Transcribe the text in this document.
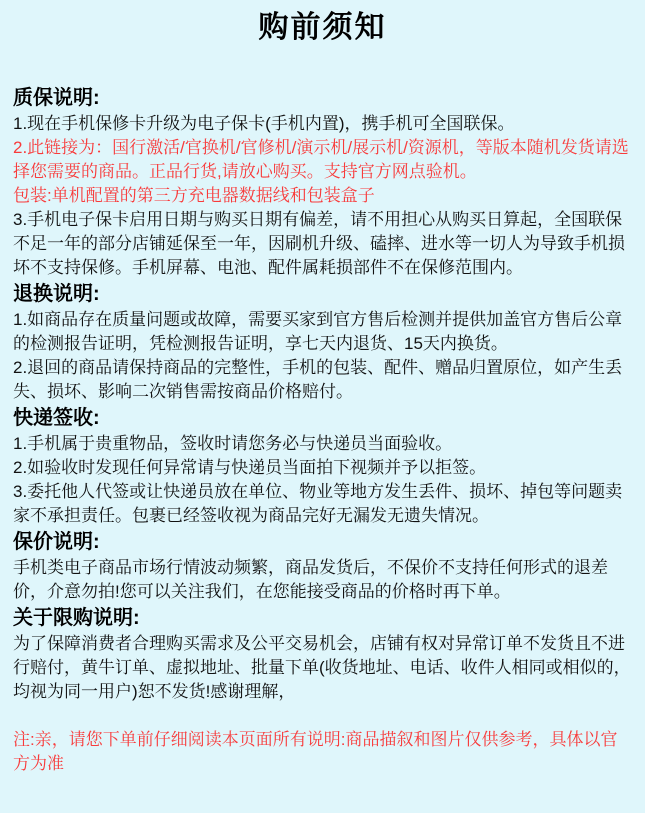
购前须知
质保说明:

1.现在手机保修卡升级为电子保卡(手机内置)，携手机可全国联保。

2.此链接为：国行激活/官换机/官修机/演示机/展示机/资源机，等版本随机发货请选择您需要的商品。正品行货,请放心购买。支持官方网点验机。

包装:单机配置的第三方充电器数据线和包装盒子

3.手机电子保卡启用日期与购买日期有偏差，请不用担心从购买日算起，全国联保不足一年的部分店铺延保至一年，因刷机升级、磕摔、进水等一切人为导致手机损坏不支持保修。手机屏幕、电池、配件属耗损部件不在保修范围内。

退换说明:

1.如商品存在质量问题或故障，需要买家到官方售后检测并提供加盖官方售后公章的检测报告证明，凭检测报告证明，享七天内退货、15天内换货。

2.退回的商品请保持商品的完整性，手机的包装、配件、赠品归置原位，如产生丢失、损坏、影响二次销售需按商品价格赔付。

快递签收:

1.手机属于贵重物品，签收时请您务必与快递员当面验收。

2.如验收时发现任何异常请与快递员当面拍下视频并予以拒签。

3.委托他人代签或让快递员放在单位、物业等地方发生丢件、损坏、掉包等问题卖家不承担责任。包裹已经签收视为商品完好无漏发无遗失情况。

保价说明:

手机类电子商品市场行情波动频繁，商品发货后，不保价不支持任何形式的退差价，介意勿拍!您可以关注我们，在您能接受商品的价格时再下单。

关于限购说明:

为了保障消费者合理购买需求及公平交易机会，店铺有权对异常订单不发货且不进行赔付，黄牛订单、虚拟地址、批量下单(收货地址、电话、收件人相同或相似的，均视为同一用户)恕不发货!感谢理解，

注:亲，请您下单前仔细阅读本页面所有说明:商品描叙和图片仅供参考，具体以官方为准
